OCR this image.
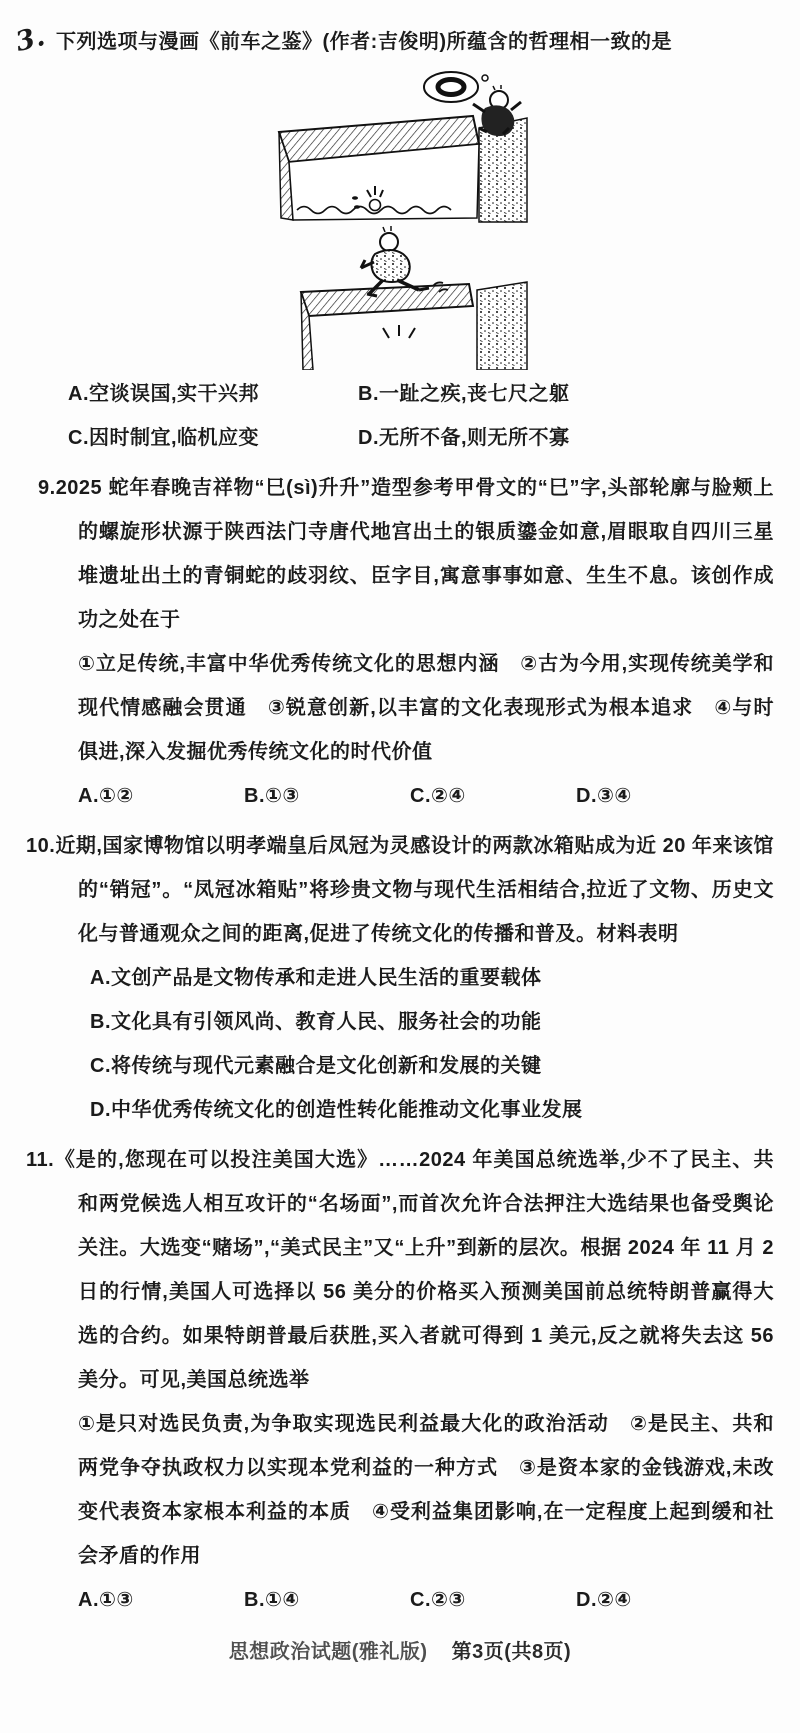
3. 下列选项与漫画《前车之鉴》(作者:吉俊明)所蕴含的哲理相一致的是

A.空谈误国,实干兴邦	B.一趾之疾,丧七尺之躯
C.因时制宜,临机应变	D.无所不备,则无所不寡

9.2025 蛇年春晚吉祥物“巳(sì)升升”造型参考甲骨文的“巳”字,头部轮廓与脸颊上的螺旋形状源于陕西法门寺唐代地宫出土的银质鎏金如意,眉眼取自四川三星堆遗址出土的青铜蛇的歧羽纹、臣字目,寓意事事如意、生生不息。该创作成功之处在于

①立足传统,丰富中华优秀传统文化的思想内涵　②古为今用,实现传统美学和现代情感融会贯通　③锐意创新,以丰富的文化表现形式为根本追求　④与时俱进,深入发掘优秀传统文化的时代价值

A.①②	B.①③	C.②④	D.③④

10.近期,国家博物馆以明孝端皇后凤冠为灵感设计的两款冰箱贴成为近 20 年来该馆的“销冠”。“凤冠冰箱贴”将珍贵文物与现代生活相结合,拉近了文物、历史文化与普通观众之间的距离,促进了传统文化的传播和普及。材料表明

A.文创产品是文物传承和走进人民生活的重要载体
B.文化具有引领风尚、教育人民、服务社会的功能
C.将传统与现代元素融合是文化创新和发展的关键
D.中华优秀传统文化的创造性转化能推动文化事业发展

11.《是的,您现在可以投注美国大选》……2024 年美国总统选举,少不了民主、共和两党候选人相互攻讦的“名场面”,而首次允许合法押注大选结果也备受舆论关注。大选变“赌场”,“美式民主”又“上升”到新的层次。根据 2024 年 11 月 2 日的行情,美国人可选择以 56 美分的价格买入预测美国前总统特朗普赢得大选的合约。如果特朗普最后获胜,买入者就可得到 1 美元,反之就将失去这 56 美分。可见,美国总统选举

①是只对选民负责,为争取实现选民利益最大化的政治活动　②是民主、共和两党争夺执政权力以实现本党利益的一种方式　③是资本家的金钱游戏,未改变代表资本家根本利益的本质　④受利益集团影响,在一定程度上起到缓和社会矛盾的作用

A.①③	B.①④	C.②③	D.②④
思想政治试题(雅礼版) 第3页(共8页)
